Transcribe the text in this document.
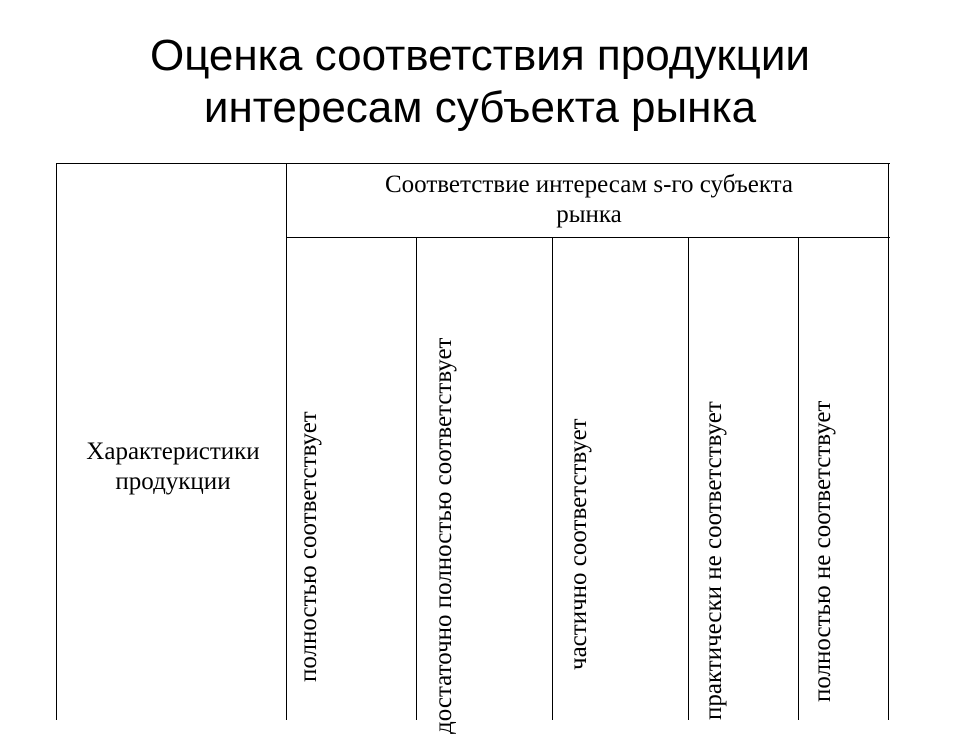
Оценка соответствия продукции
интересам субъекта рынка
Соответствие интересам s-го субъекта
рынка
Характеристики
продукции	полностью соответствует	достаточно полностью соответствует	частично соответствует	практически не соответствует	полностью не соответствует
